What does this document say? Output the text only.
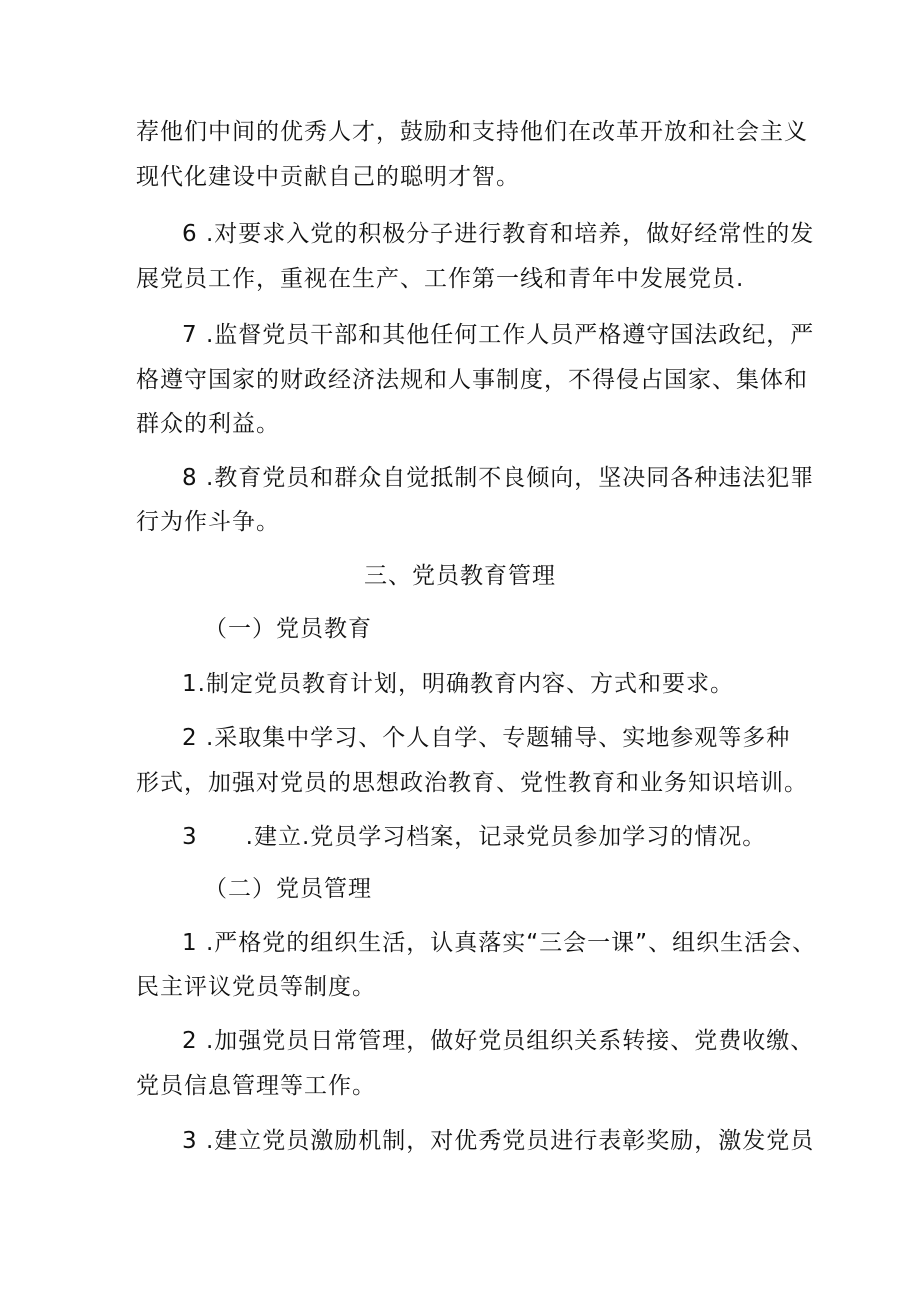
荐他们中间的优秀人才，鼓励和支持他们在改革开放和社会主义
现代化建设中贡献自己的聪明才智。
6 .对要求入党的积极分子进行教育和培养，做好经常性的发
展党员工作，重视在生产、工作第一线和青年中发展党员.
7 .监督党员干部和其他任何工作人员严格遵守国法政纪，严
格遵守国家的财政经济法规和人事制度，不得侵占国家、集体和
群众的利益。
8 .教育党员和群众自觉抵制不良倾向，坚决同各种违法犯罪
行为作斗争。
三、党员教育管理
（一）党员教育
1.制定党员教育计划，明确教育内容、方式和要求。
2 .采取集中学习、个人自学、专题辅导、实地参观等多种
形式，加强对党员的思想政治教育、党性教育和业务知识培训。
3　　.建立.党员学习档案，记录党员参加学习的情况。
（二）党员管理
1 .严格党的组织生活，认真落实“三会一课”、组织生活会、
民主评议党员等制度。
2 .加强党员日常管理，做好党员组织关系转接、党费收缴、
党员信息管理等工作。
3 .建立党员激励机制，对优秀党员进行表彰奖励，激发党员
